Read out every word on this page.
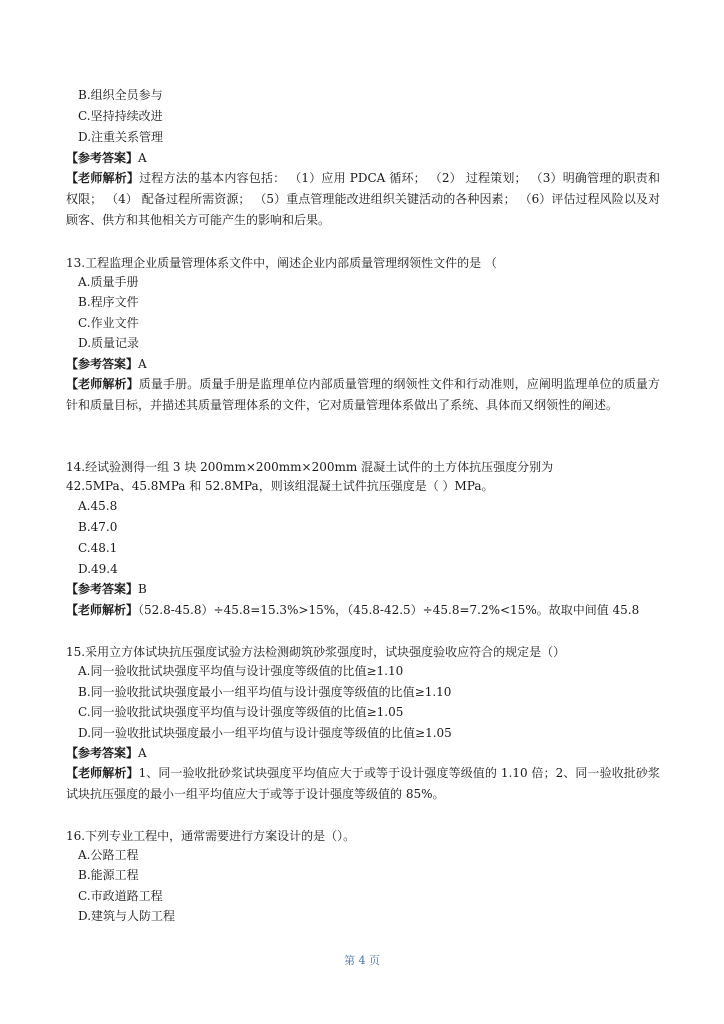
B.组织全员参与
C.坚持持续改进
D.注重关系管理
【参考答案】A
【老师解析】过程方法的基本内容包括： （1）应用 PDCA 循环； （2） 过程策划； （3）明确管理的职责和权限； （4） 配备过程所需资源； （5）重点管理能改进组织关键活动的各种因素； （6）评估过程风险以及对顾客、供方和其他相关方可能产生的影响和后果。
13.工程监理企业质量管理体系文件中，阐述企业内部质量管理纲领性文件的是 （
A.质量手册
B.程序文件
C.作业文件
D.质量记录
【参考答案】A
【老师解析】质量手册。质量手册是监理单位内部质量管理的纲领性文件和行动准则，应阐明监理单位的质量方针和质量目标，并描述其质量管理体系的文件，它对质量管理体系做出了系统、具体而又纲领性的阐述。
14.经试验测得一组 3 块 200mm×200mm×200mm 混凝土试件的土方体抗压强度分别为
42.5MPa、45.8MPa 和 52.8MPa，则该组混凝土试件抗压强度是（ ）MPa。
A.45.8
B.47.0
C.48.1
D.49.4
【参考答案】B
【老师解析】（52.8-45.8）÷45.8=15.3%>15%，（45.8-42.5）÷45.8=7.2%<15%。故取中间值 45.8
15.采用立方体试块抗压强度试验方法检测砌筑砂浆强度时，试块强度验收应符合的规定是（）
A.同一验收批试块强度平均值与设计强度等级值的比值≥1.10
B.同一验收批试块强度最小一组平均值与设计强度等级值的比值≥1.10
C.同一验收批试块强度平均值与设计强度等级值的比值≥1.05
D.同一验收批试块强度最小一组平均值与设计强度等级值的比值≥1.05
【参考答案】A
【老师解析】1、同一验收批砂浆试块强度平均值应大于或等于设计强度等级值的 1.10 倍；2、同一验收批砂浆试块抗压强度的最小一组平均值应大于或等于设计强度等级值的 85%。
16.下列专业工程中，通常需要进行方案设计的是（）。
A.公路工程
B.能源工程
C.市政道路工程
D.建筑与人防工程
第 4 页
